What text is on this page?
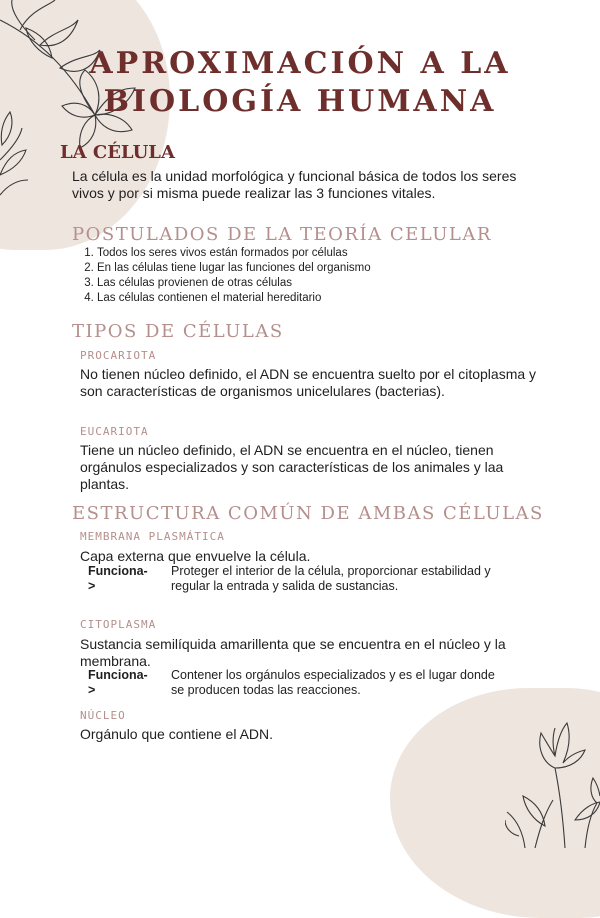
APROXIMACIÓN A LA
BIOLOGÍA HUMANA
LA CÉLULA
La célula es la unidad morfológica y funcional básica de todos los seres vivos y por si misma puede realizar las 3 funciones vitales.
POSTULADOS DE LA TEORÍA CELULAR
1. Todos los seres vivos están formados por células
2. En las células tiene lugar las funciones del organismo
3. Las células provienen de otras células
4. Las células contienen el material hereditario
TIPOS DE CÉLULAS
PROCARIOTA
No tienen núcleo definido, el ADN se encuentra suelto por el citoplasma y son características de organismos unicelulares (bacterias).
EUCARIOTA
Tiene un núcleo definido, el ADN se encuentra en el núcleo, tienen orgánulos especializados y son características de los animales y laa plantas.
ESTRUCTURA COMÚN DE AMBAS CÉLULAS
MEMBRANA PLASMÁTICA
Capa externa que envuelve la célula.
Funciona->
Proteger el interior de la célula, proporcionar estabilidad y regular la entrada y salida de sustancias.
CITOPLASMA
Sustancia semilíquida amarillenta que se encuentra en el núcleo y la membrana.
Funciona->
Contener los orgánulos especializados y es el lugar donde se producen todas las reacciones.
NÚCLEO
Orgánulo que contiene el ADN.
